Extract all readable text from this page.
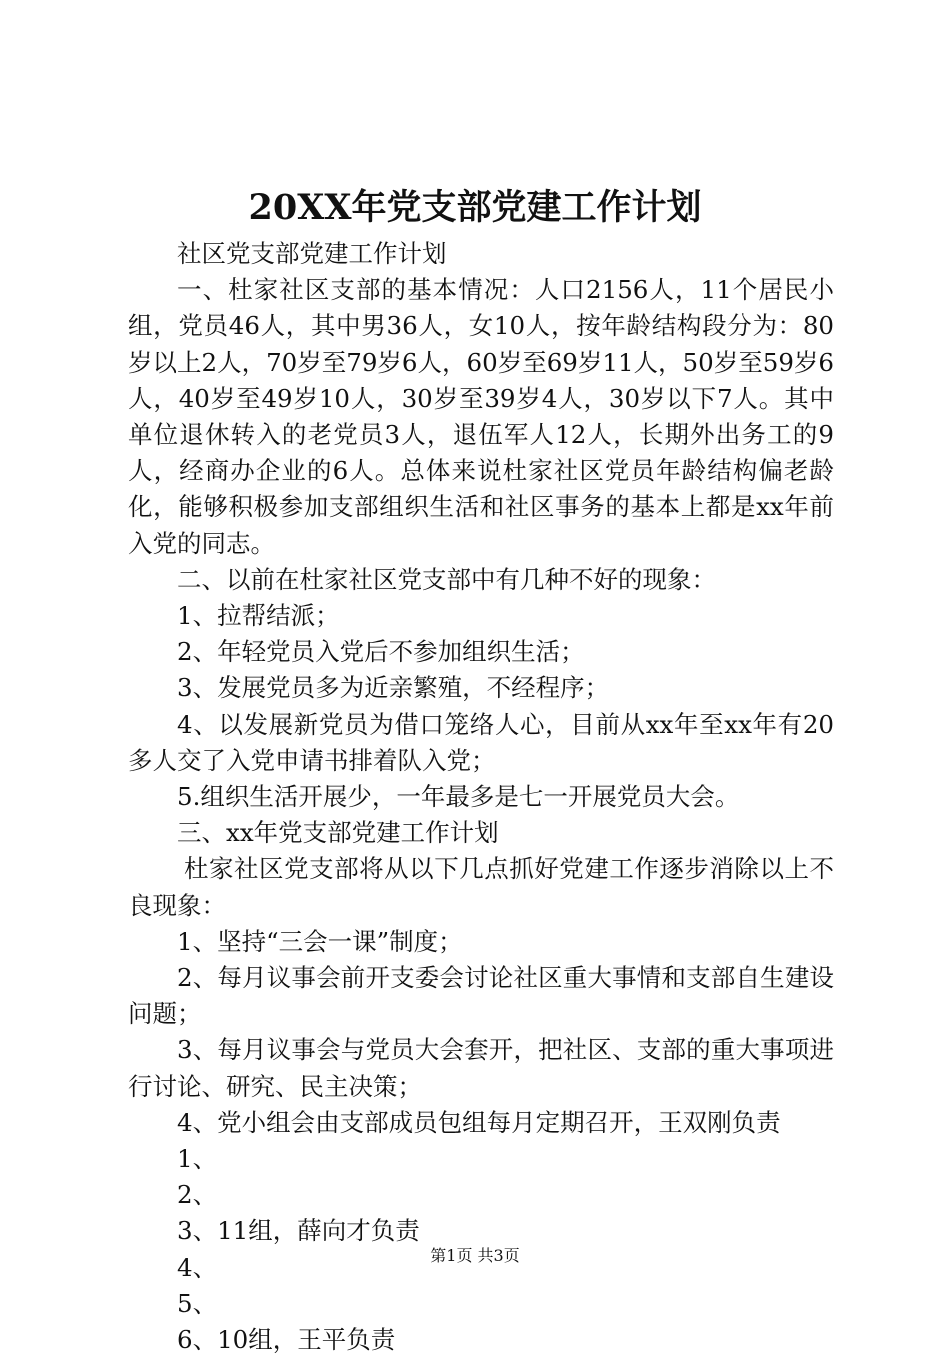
20XX年党支部党建工作计划

社区党支部党建工作计划

一、杜家社区支部的基本情况：人口2156人，11个居民小组，党员46人，其中男36人，女10人，按年龄结构段分为：80岁以上2人，70岁至79岁6人，60岁至69岁11人，50岁至59岁6人，40岁至49岁10人，30岁至39岁4人，30岁以下7人。其中单位退休转入的老党员3人，退伍军人12人，长期外出务工的9人，经商办企业的6人。总体来说杜家社区党员年龄结构偏老龄化，能够积极参加支部组织生活和社区事务的基本上都是xx年前入党的同志。

二、以前在杜家社区党支部中有几种不好的现象：

1、拉帮结派；

2、年轻党员入党后不参加组织生活；

3、发展党员多为近亲繁殖，不经程序；

4、以发展新党员为借口笼络人心，目前从xx年至xx年有20多人交了入党申请书排着队入党；

5.组织生活开展少，一年最多是七一开展党员大会。

三、xx年党支部党建工作计划

杜家社区党支部将从以下几点抓好党建工作逐步消除以上不良现象：

1、坚持“三会一课”制度；

2、每月议事会前开支委会讨论社区重大事情和支部自生建设问题；

3、每月议事会与党员大会套开，把社区、支部的重大事项进行讨论、研究、民主决策；

4、党小组会由支部成员包组每月定期召开，王双刚负责

1、

2、

3、11组，薛向才负责

4、

5、

6、10组，王平负责

第1页 共3页
